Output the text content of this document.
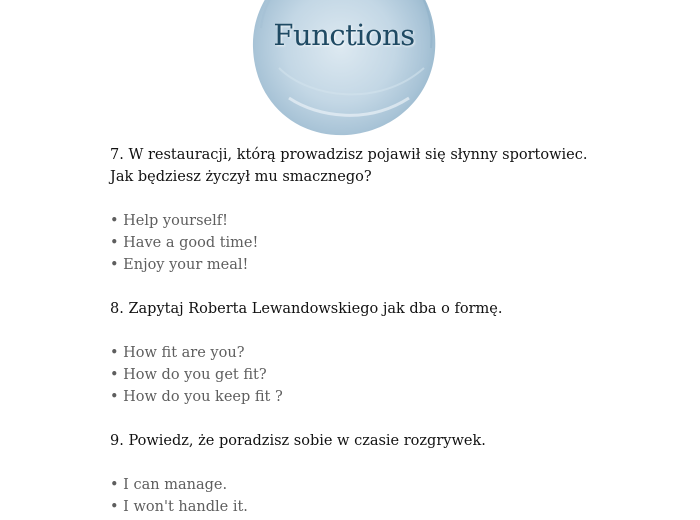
Functions

7. W restauracji, którą prowadzisz pojawił się słynny sportowiec.

Jak będziesz życzył mu smacznego?

• Help yourself!
• Have a good time!
• Enjoy your meal!

8. Zapytaj Roberta Lewandowskiego jak dba o formę.

• How fit are you?
• How do you get fit?
• How do you keep fit ?

9. Powiedz, że poradzisz sobie w czasie rozgrywek.

• I can manage.
• I won't handle it.
